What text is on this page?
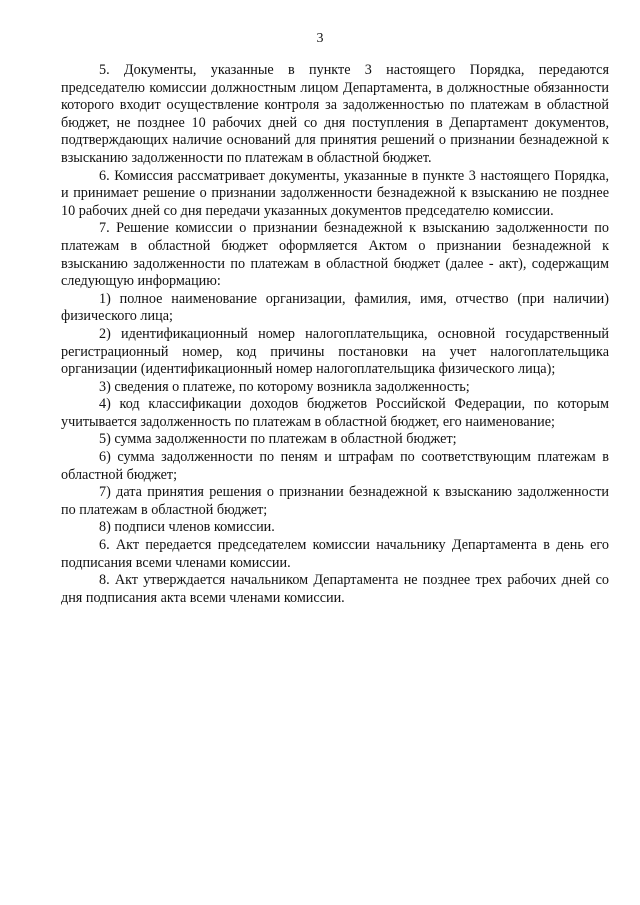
3

5. Документы, указанные в пункте 3 настоящего Порядка, передаются председателю комиссии должностным лицом Департамента, в должностные обязанности которого входит осуществление контроля за задолженностью по платежам в областной бюджет, не позднее 10 рабочих дней со дня поступления в Департамент документов, подтверждающих наличие оснований для принятия решений о признании безнадежной к взысканию задолженности по платежам в областной бюджет.

6. Комиссия рассматривает документы, указанные в пункте 3 настоящего Порядка, и принимает решение о признании задолженности безнадежной к взысканию не позднее 10 рабочих дней со дня передачи указанных документов председателю комиссии.

7. Решение комиссии о признании безнадежной к взысканию задолженности по платежам в областной бюджет оформляется Актом о признании безнадежной к взысканию задолженности по платежам в областной бюджет (далее - акт), содержащим следующую информацию:

1) полное наименование организации, фамилия, имя, отчество (при наличии) физического лица;

2) идентификационный номер налогоплательщика, основной государственный регистрационный номер, код причины постановки на учет налогоплательщика организации (идентификационный номер налогоплательщика физического лица);

3) сведения о платеже, по которому возникла задолженность;

4) код классификации доходов бюджетов Российской Федерации, по которым учитывается задолженность по платежам в областной бюджет, его наименование;

5) сумма задолженности по платежам в областной бюджет;

6) сумма задолженности по пеням и штрафам по соответствующим платежам в областной бюджет;

7) дата принятия решения о признании безнадежной к взысканию задолженности по платежам в областной бюджет;

8) подписи членов комиссии.

6. Акт передается председателем комиссии начальнику Департамента в день его подписания всеми членами комиссии.

8. Акт утверждается начальником Департамента не позднее трех рабочих дней со дня подписания акта всеми членами комиссии.
